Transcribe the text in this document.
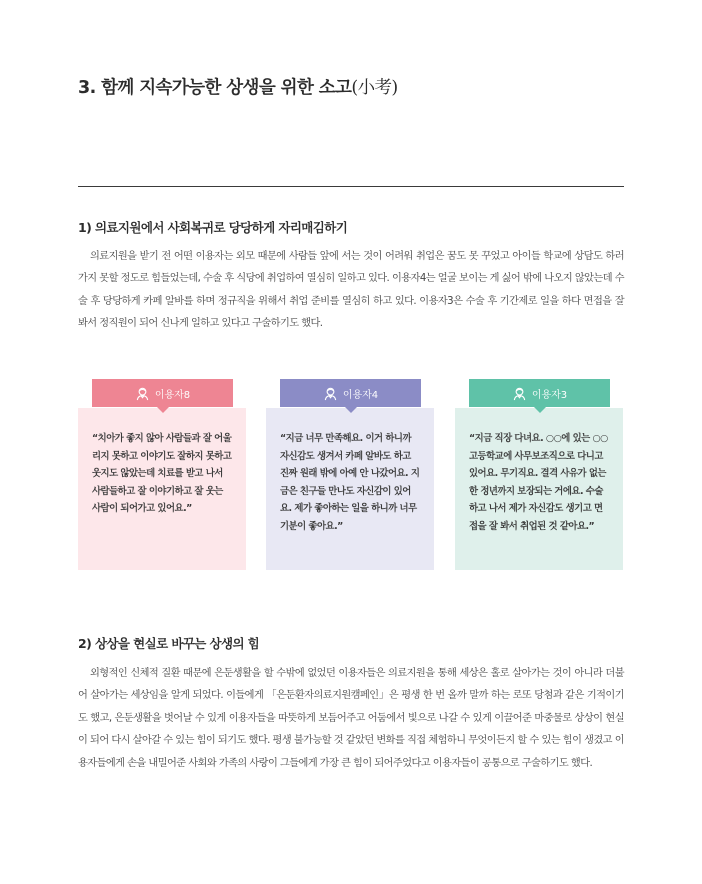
3. 함께 지속가능한 상생을 위한 소고(小考)
1) 의료지원에서 사회복귀로 당당하게 자리매김하기

의료지원을 받기 전 어떤 이용자는 외모 때문에 사람들 앞에 서는 것이 어려워 취업은 꿈도 못 꾸었고 아이들 학교에 상담도 하러 가지 못할 정도로 힘들었는데, 수술 후 식당에 취업하여 열심히 일하고 있다. 이용자4는 얼굴 보이는 게 싫어 밖에 나오지 않았는데 수술 후 당당하게 카페 알바를 하며 정규직을 위해서 취업 준비를 열심히 하고 있다. 이용자3은 수술 후 기간제로 일을 하다 면접을 잘 봐서 정직원이 되어 신나게 일하고 있다고 구술하기도 했다.

“치아가 좋지 않아 사람들과 잘 어울리지 못하고 이야기도 잘하지 못하고 웃지도 않았는데 치료를 받고 나서 사람들하고 잘 이야기하고 잘 웃는 사람이 되어가고 있어요.”

이용자8

“지금 너무 만족해요. 이거 하니까 자신감도 생겨서 카페 알바도 하고 진짜 원래 밖에 아예 안 나갔어요. 지금은 친구들 만나도 자신감이 있어요. 제가 좋아하는 일을 하니까 너무 기분이 좋아요.”

이용자4

“지금 직장 다녀요. ○○에 있는 ○○고등학교에 사무보조직으로 다니고 있어요. 무기직요. 결격 사유가 없는 한 정년까지 보장되는 거에요. 수술하고 나서 제가 자신감도 생기고 면접을 잘 봐서 취업된 것 같아요.”

이용자3
2) 상상을 현실로 바꾸는 상생의 힘

외형적인 신체적 질환 때문에 은둔생활을 할 수밖에 없었던 이용자들은 의료지원을 통해 세상은 홀로 살아가는 것이 아니라 더불어 살아가는 세상임을 알게 되었다. 이들에게 「은둔환자의료지원캠페인」은 평생 한 번 올까 말까 하는 로또 당첨과 같은 기적이기도 했고, 은둔생활을 벗어날 수 있게 이용자들을 따뜻하게 보듬어주고 어둠에서 빛으로 나갈 수 있게 이끌어준 마중물로 상상이 현실이 되어 다시 살아갈 수 있는 힘이 되기도 했다. 평생 불가능할 것 같았던 변화를 직접 체험하니 무엇이든지 할 수 있는 힘이 생겼고 이용자들에게 손을 내밀어준 사회와 가족의 사랑이 그들에게 가장 큰 힘이 되어주었다고 이용자들이 공통으로 구술하기도 했다.
